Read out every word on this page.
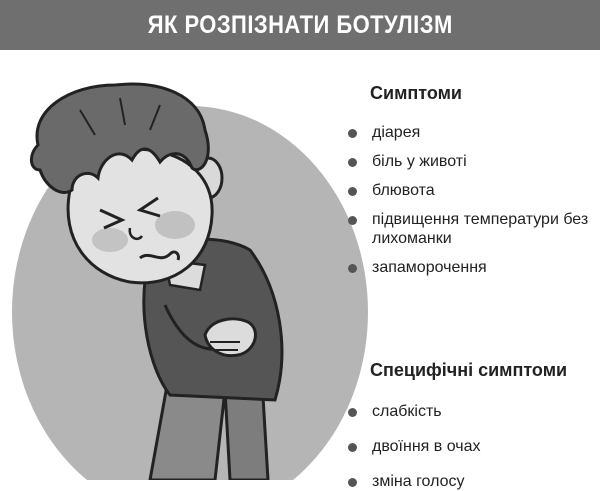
ЯК РОЗПІЗНАТИ БОТУЛІЗМ
Симптоми
діарея
біль у животі
блювота
підвищення температури без лихоманки
запаморочення
Специфічні симптоми
слабкість
двоїння в очах
зміна голосу
